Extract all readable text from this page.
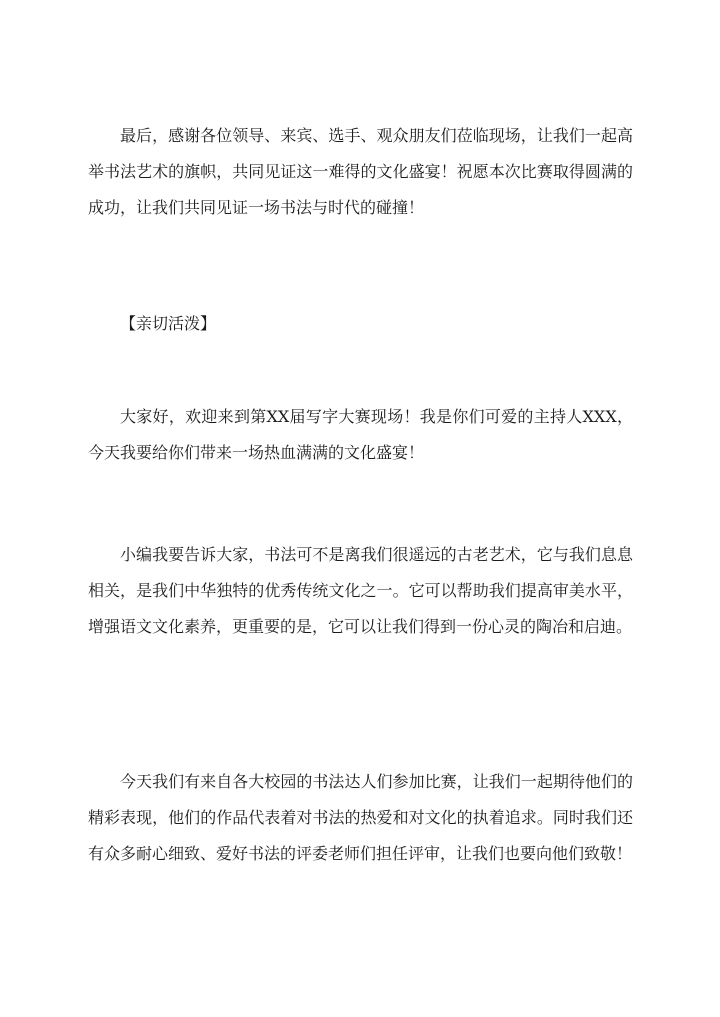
最后，感谢各位领导、来宾、选手、观众朋友们莅临现场，让我们一起高举书法艺术的旗帜，共同见证这一难得的文化盛宴！祝愿本次比赛取得圆满的成功，让我们共同见证一场书法与时代的碰撞！

【亲切活泼】

大家好，欢迎来到第XX届写字大赛现场！我是你们可爱的主持人XXX，今天我要给你们带来一场热血满满的文化盛宴！

小编我要告诉大家，书法可不是离我们很遥远的古老艺术，它与我们息息相关，是我们中华独特的优秀传统文化之一。它可以帮助我们提高审美水平，增强语文文化素养，更重要的是，它可以让我们得到一份心灵的陶冶和启迪。

今天我们有来自各大校园的书法达人们参加比赛，让我们一起期待他们的精彩表现，他们的作品代表着对书法的热爱和对文化的执着追求。同时我们还有众多耐心细致、爱好书法的评委老师们担任评审，让我们也要向他们致敬！
